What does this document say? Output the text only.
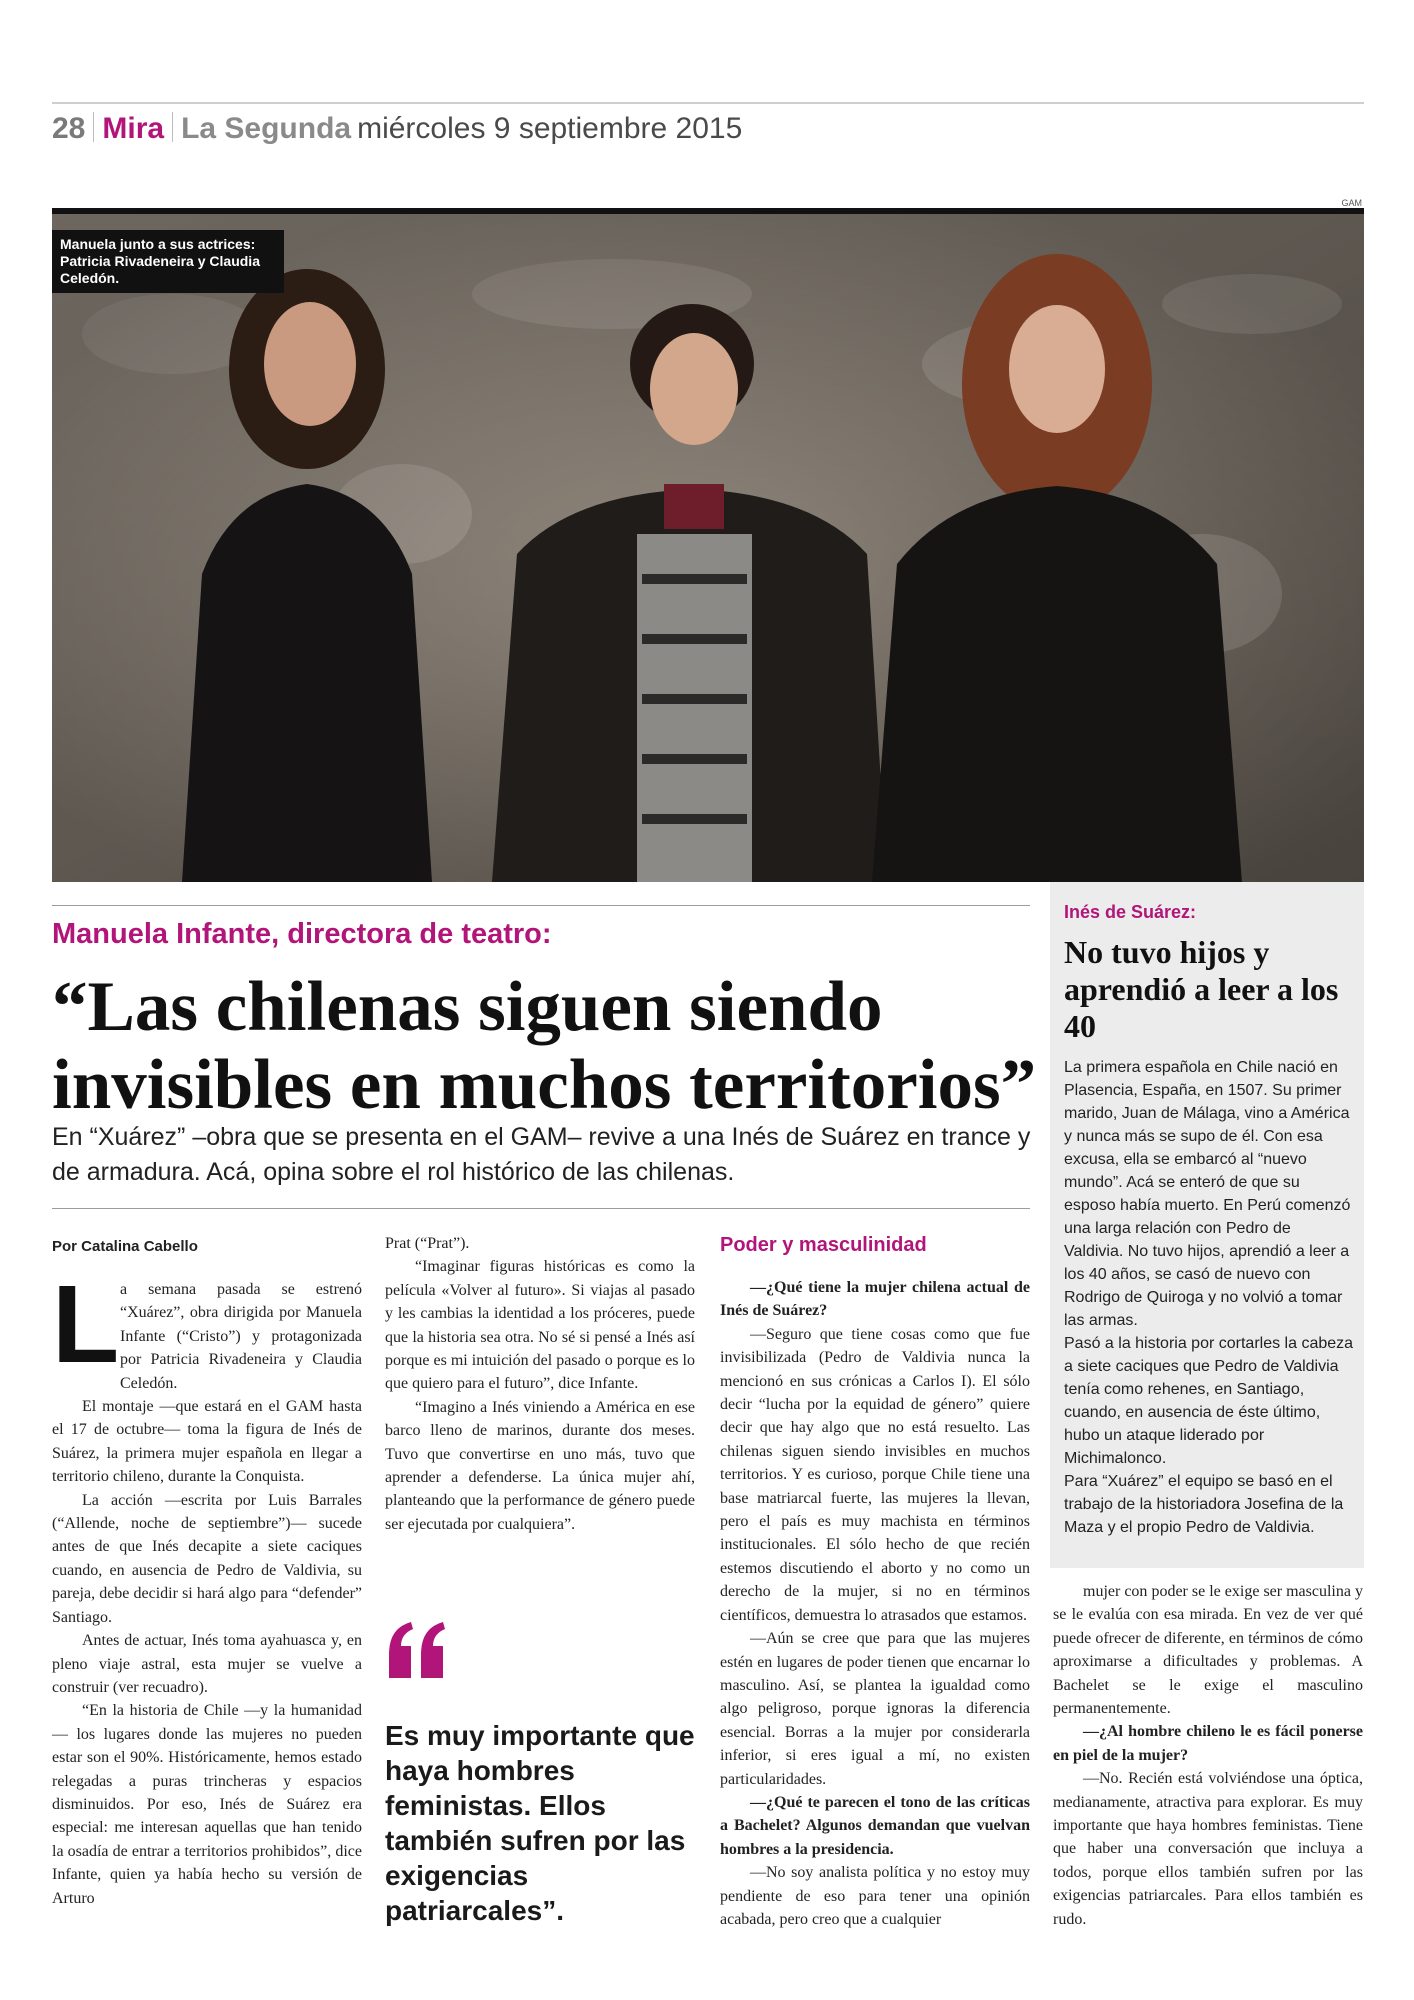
28 Mira La Segunda miércoles 9 septiembre 2015
GAM
Manuela junto a sus actrices: Patricia Rivadeneira y Claudia Celedón.
Manuela Infante, directora de teatro:
“Las chilenas siguen siendo invisibles en muchos territorios”
En “Xuárez” –obra que se presenta en el GAM– revive a una Inés de Suárez en trance y de armadura. Acá, opina sobre el rol histórico de las chilenas.
Inés de Suárez:
No tuvo hijos y aprendió a leer a los 40

La primera española en Chile nació en Plasencia, España, en 1507. Su primer marido, Juan de Málaga, vino a América y nunca más se supo de él. Con esa excusa, ella se embarcó al “nuevo mundo”. Acá se enteró de que su esposo había muerto. En Perú comenzó una larga relación con Pedro de Valdivia. No tuvo hijos, aprendió a leer a los 40 años, se casó de nuevo con Rodrigo de Quiroga y no volvió a tomar las armas.

Pasó a la historia por cortarles la cabeza a siete caciques que Pedro de Valdivia tenía como rehenes, en Santiago, cuando, en ausencia de éste último, hubo un ataque liderado por Michimalonco.

Para “Xuárez” el equipo se basó en el trabajo de la historiadora Josefina de la Maza y el propio Pedro de Valdivia.

Por Catalina Cabello
L a semana pasada se estrenó “Xuárez”, obra dirigida por Manuela Infante (“Cristo”) y protagonizada por Patricia Rivadeneira y Claudia Celedón.

El montaje —que estará en el GAM hasta el 17 de octubre— toma la figura de Inés de Suárez, la primera mujer española en llegar a territorio chileno, durante la Conquista.

La acción —escrita por Luis Barrales (“Allende, noche de septiembre”)— sucede antes de que Inés decapite a siete caciques cuando, en ausencia de Pedro de Valdivia, su pareja, debe decidir si hará algo para “defender” Santiago.

Antes de actuar, Inés toma ayahuasca y, en pleno viaje astral, esta mujer se vuelve a construir (ver recuadro).

“En la historia de Chile —y la humanidad— los lugares donde las mujeres no pueden estar son el 90%. Históricamente, hemos estado relegadas a puras trincheras y espacios disminuidos. Por eso, Inés de Suárez era especial: me interesan aquellas que han tenido la osadía de entrar a territorios prohibidos”, dice Infante, quien ya había hecho su versión de Arturo

Prat (“Prat”).

“Imaginar figuras históricas es como la película «Volver al futuro». Si viajas al pasado y les cambias la identidad a los próceres, puede que la historia sea otra. No sé si pensé a Inés así porque es mi intuición del pasado o porque es lo que quiero para el futuro”, dice Infante.

“Imagino a Inés viniendo a América en ese barco lleno de marinos, durante dos meses. Tuvo que convertirse en uno más, tuvo que aprender a defenderse. La única mujer ahí, planteando que la performance de género puede ser ejecutada por cualquiera”.

Es muy importante que haya hombres feministas. Ellos también sufren por las exigencias patriarcales”.
Poder y masculinidad

—¿Qué tiene la mujer chilena actual de Inés de Suárez?

—Seguro que tiene cosas como que fue invisibilizada (Pedro de Valdivia nunca la mencionó en sus crónicas a Carlos I). El sólo decir “lucha por la equidad de género” quiere decir que hay algo que no está resuelto. Las chilenas siguen siendo invisibles en muchos territorios. Y es curioso, porque Chile tiene una base matriarcal fuerte, las mujeres la llevan, pero el país es muy machista en términos institucionales. El sólo hecho de que recién estemos discutiendo el aborto y no como un derecho de la mujer, si no en términos científicos, demuestra lo atrasados que estamos.

—Aún se cree que para que las mujeres estén en lugares de poder tienen que encarnar lo masculino. Así, se plantea la igualdad como algo peligroso, porque ignoras la diferencia esencial. Borras a la mujer por considerarla inferior, si eres igual a mí, no existen particularidades.

—¿Qué te parecen el tono de las críticas a Bachelet? Algunos demandan que vuelvan hombres a la presidencia.

—No soy analista política y no estoy muy pendiente de eso para tener una opinión acabada, pero creo que a cualquier

mujer con poder se le exige ser masculina y se le evalúa con esa mirada. En vez de ver qué puede ofrecer de diferente, en términos de cómo aproximarse a dificultades y problemas. A Bachelet se le exige el masculino permanentemente.

—¿Al hombre chileno le es fácil ponerse en piel de la mujer?

—No. Recién está volviéndose una óptica, medianamente, atractiva para explorar. Es muy importante que haya hombres feministas. Tiene que haber una conversación que incluya a todos, porque ellos también sufren por las exigencias patriarcales. Para ellos también es rudo.
